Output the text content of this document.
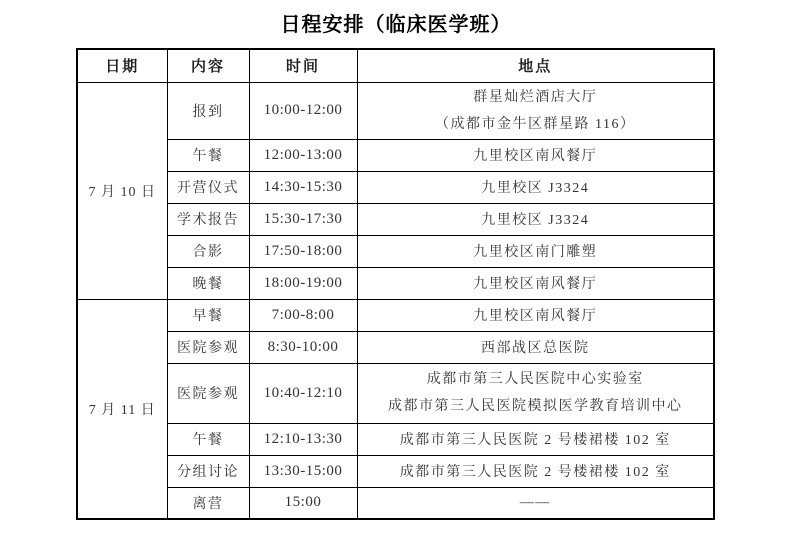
日程安排（临床医学班）
日期	内容	时间	地点
7 月 10 日	报到	10:00-12:00	群星灿烂酒店大厅
（成都市金牛区群星路 116）

	午餐	12:00-13:00	九里校区南风餐厅
	开营仪式	14:30-15:30	九里校区 J3324
	学术报告	15:30-17:30	九里校区 J3324
	合影	17:50-18:00	九里校区南门雕塑
	晚餐	18:00-19:00	九里校区南风餐厅
7 月 11 日	早餐	7:00-8:00	九里校区南风餐厅
	医院参观	8:30-10:00	西部战区总医院
	医院参观	10:40-12:10	成都市第三人民医院中心实验室
成都市第三人民医院模拟医学教育培训中心

	午餐	12:10-13:30	成都市第三人民医院 2 号楼裙楼 102 室
	分组讨论	13:30-15:00	成都市第三人民医院 2 号楼裙楼 102 室
	离营	15:00	——
